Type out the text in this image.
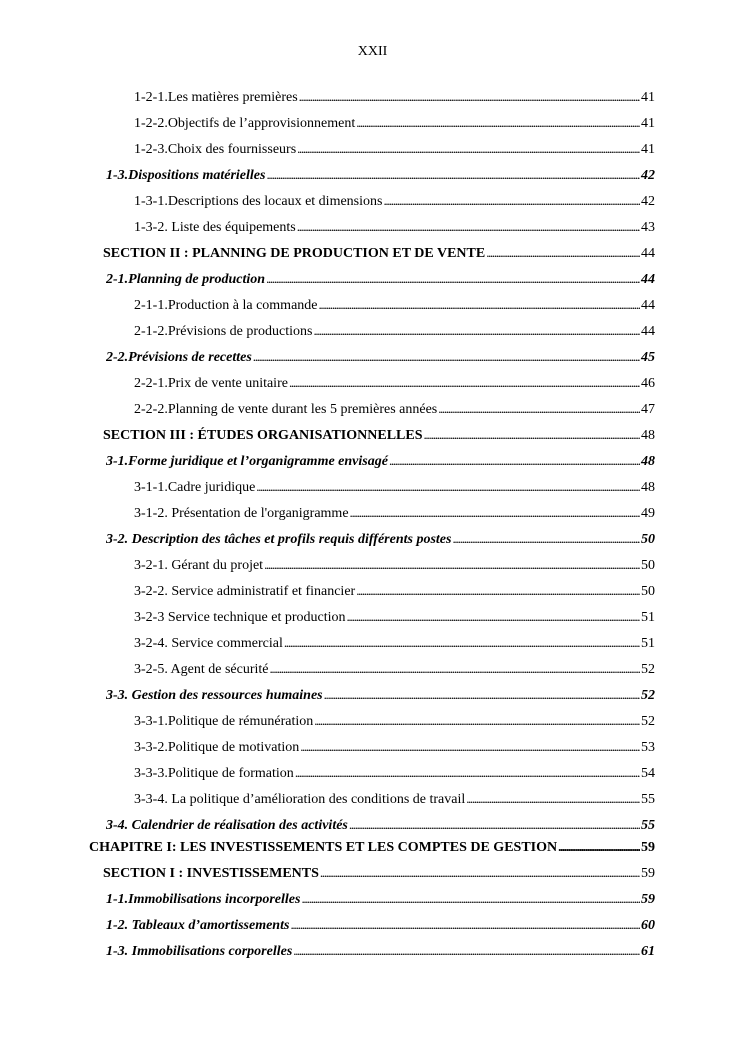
XXII
1-2-1.Les matières premières . . .	41
1-2-2.Objectifs de l’approvisionnement . . .	41
1-2-3.Choix des fournisseurs . . .	41
1-3.Dispositions matérielles . . .	42
1-3-1.Descriptions des locaux et dimensions . . .	42
1-3-2. Liste des équipements . . .	43
SECTION II : PLANNING DE PRODUCTION ET DE VENTE . . .	44
2-1.Planning de production . . .	44
2-1-1.Production à la commande . . .	44
2-1-2.Prévisions de productions . . .	44
2-2.Prévisions de recettes . . .	45
2-2-1.Prix de vente unitaire . . .	46
2-2-2.Planning de vente durant les 5 premières années . . .	47
SECTION III : ÉTUDES ORGANISATIONNELLES . . .	48
3-1.Forme juridique et l’organigramme envisagé . . .	48
3-1-1.Cadre juridique . . .	48
3-1-2. Présentation de l'organigramme . . .	49
3-2. Description des tâches et profils requis différents postes . . .	50
3-2-1. Gérant du projet . . .	50
3-2-2. Service administratif et financier . . .	50
3-2-3 Service technique et production . . .	51
3-2-4. Service commercial . . .	51
3-2-5. Agent de sécurité . . .	52
3-3. Gestion des ressources humaines . . .	52
3-3-1.Politique de rémunération . . .	52
3-3-2.Politique de motivation . . .	53
3-3-3.Politique de formation . . .	54
3-3-4. La politique d’amélioration des conditions de travail . . .	55
3-4. Calendrier de réalisation des activités . . .	55
CHAPITRE I: LES INVESTISSEMENTS ET LES COMPTES DE GESTION . . .	59
SECTION I : INVESTISSEMENTS . . .	59
1-1.Immobilisations incorporelles . . .	59
1-2. Tableaux d’amortissements . . .	60
1-3. Immobilisations corporelles . . .	61
